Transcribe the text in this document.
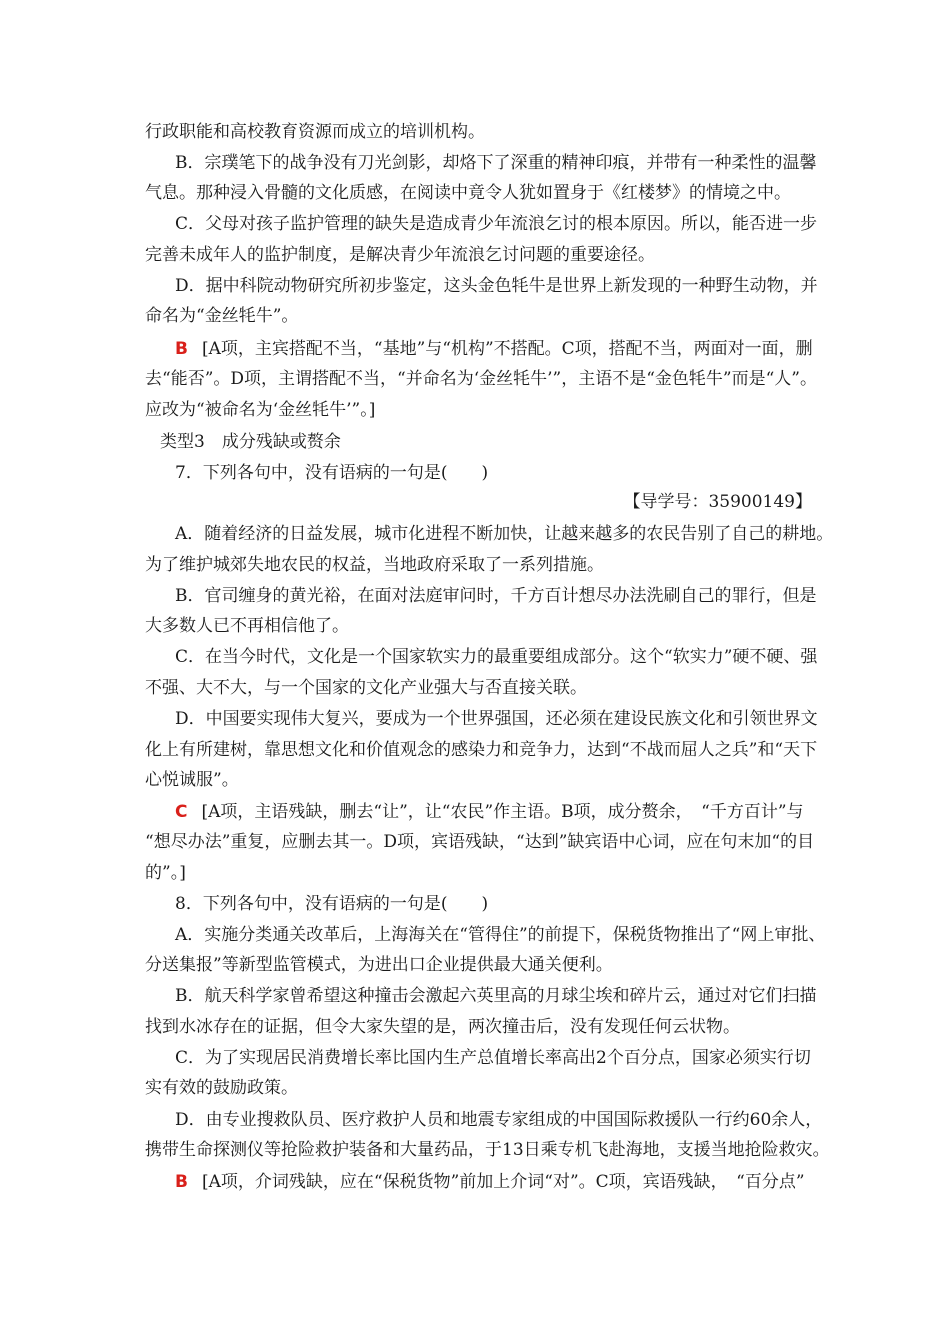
行政职能和高校教育资源而成立的培训机构。
B．宗璞笔下的战争没有刀光剑影，却烙下了深重的精神印痕，并带有一种柔性的温馨
气息。那种浸入骨髓的文化质感，在阅读中竟令人犹如置身于《红楼梦》的情境之中。
C．父母对孩子监护管理的缺失是造成青少年流浪乞讨的根本原因。所以，能否进一步
完善未成年人的监护制度，是解决青少年流浪乞讨问题的重要途径。
D．据中科院动物研究所初步鉴定，这头金色牦牛是世界上新发现的一种野生动物，并
命名为“金丝牦牛”。
B [A项，主宾搭配不当，“基地”与“机构”不搭配。C项，搭配不当，两面对一面，删
去“能否”。D项，主谓搭配不当，“并命名为‘金丝牦牛’”，主语不是“金色牦牛”而是“人”。
应改为“被命名为‘金丝牦牛’”。]
类型3　成分残缺或赘余
7．下列各句中，没有语病的一句是(　　)
【导学号：35900149】
A．随着经济的日益发展，城市化进程不断加快，让越来越多的农民告别了自己的耕地。
为了维护城郊失地农民的权益，当地政府采取了一系列措施。
B．官司缠身的黄光裕，在面对法庭审问时，千方百计想尽办法洗刷自己的罪行，但是
大多数人已不再相信他了。
C．在当今时代，文化是一个国家软实力的最重要组成部分。这个“软实力”硬不硬、强
不强、大不大，与一个国家的文化产业强大与否直接关联。
D．中国要实现伟大复兴，要成为一个世界强国，还必须在建设民族文化和引领世界文
化上有所建树，靠思想文化和价值观念的感染力和竞争力，达到“不战而屈人之兵”和“天下
心悦诚服”。
C [A项，主语残缺，删去“让”，让“农民”作主语。B项，成分赘余，　“千方百计”与
“想尽办法”重复，应删去其一。D项，宾语残缺，“达到”缺宾语中心词，应在句末加“的目
的”。]
8．下列各句中，没有语病的一句是(　　)
A．实施分类通关改革后，上海海关在“管得住”的前提下，保税货物推出了“网上审批、
分送集报”等新型监管模式，为进出口企业提供最大通关便利。
B．航天科学家曾希望这种撞击会激起六英里高的月球尘埃和碎片云，通过对它们扫描
找到水冰存在的证据，但令大家失望的是，两次撞击后，没有发现任何云状物。
C．为了实现居民消费增长率比国内生产总值增长率高出2个百分点，国家必须实行切
实有效的鼓励政策。
D．由专业搜救队员、医疗救护人员和地震专家组成的中国国际救援队一行约60余人，
携带生命探测仪等抢险救护装备和大量药品，于13日乘专机飞赴海地，支援当地抢险救灾。
B [A项，介词残缺，应在“保税货物”前加上介词“对”。C项，宾语残缺，　“百分点”
